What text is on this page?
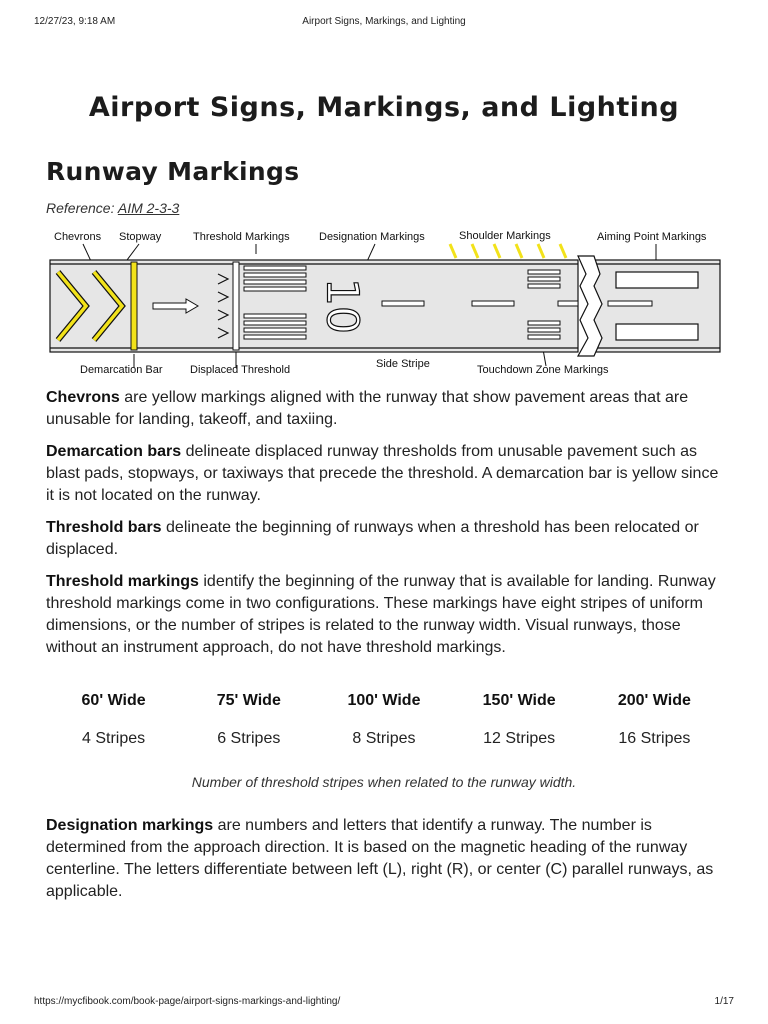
12/27/23, 9:18 AM	Airport Signs, Markings, and Lighting
Airport Signs, Markings, and Lighting
Runway Markings
Reference: AIM 2-3-3
Chevrons Stopway	Threshold Markings	Designation Markings	Shoulder Markings	Aiming Point Markings
Demarcation Bar Displaced Threshold	Side Stripe	Touchdown Zone Markings
10

Chevrons are yellow markings aligned with the runway that show pavement areas that are unusable for landing, takeoff, and taxiing.

Demarcation bars delineate displaced runway thresholds from unusable pavement such as blast pads, stopways, or taxiways that precede the threshold. A demarcation bar is yellow since it is not located on the runway.

Threshold bars delineate the beginning of runways when a threshold has been relocated or displaced.

Threshold markings identify the beginning of the runway that is available for landing. Runway threshold markings come in two configurations. These markings have eight stripes of uniform dimensions, or the number of stripes is related to the runway width. Visual runways, those without an instrument approach, do not have threshold markings.

60' Wide	75' Wide	100' Wide	150' Wide	200' Wide
4 Stripes	6 Stripes	8 Stripes	12 Stripes	16 Stripes
Number of threshold stripes when related to the runway width.

Designation markings are numbers and letters that identify a runway. The number is determined from the approach direction. It is based on the magnetic heading of the runway centerline. The letters differentiate between left (L), right (R), or center (C) parallel runways, as applicable.

https://mycfibook.com/book-page/airport-signs-markings-and-lighting/	1/17
